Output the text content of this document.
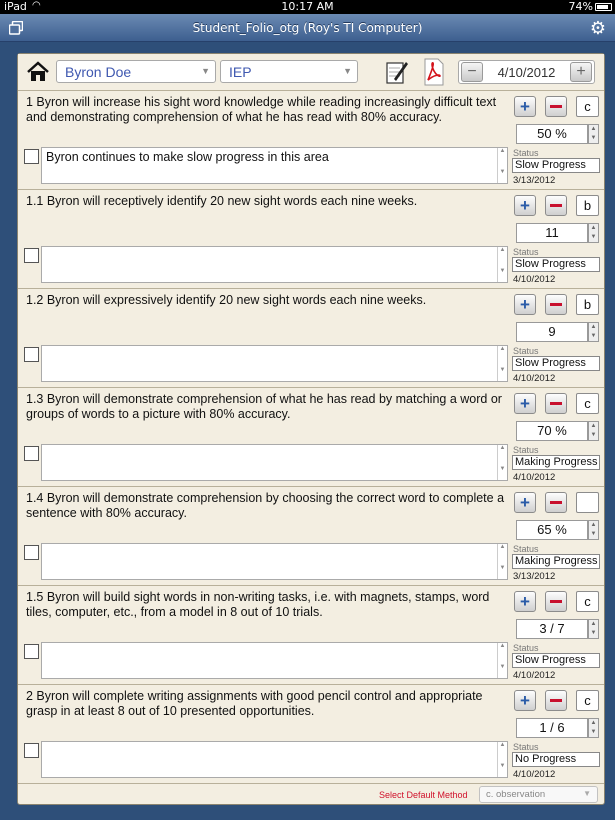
iPad ◠	10:17 AM	74%
Student_Folio_otg (Roy's TI Computer)	⚙
Byron Doe	▼	IEP	▼	−	4/10/2012	+
1 Byron will increase his sight word knowledge while reading increasingly difficult text and demonstrating comprehension of what he has read with 80% accuracy.
+	c
50 %	▲
▼
Byron continues to make slow progress in this area	▲

▼
Status
Slow Progress
3/13/2012
1.1 Byron will receptively identify 20 new sight words each nine weeks.	+	b
11	▲
▼
▲

▼
Status
Slow Progress
4/10/2012
1.2 Byron will expressively identify 20 new sight words each nine weeks.	+	b
9	▲
▼
▲

▼
Status
Slow Progress
4/10/2012
1.3 Byron will demonstrate comprehension of what he has read by matching a word or groups of words to a picture with 80% accuracy.
+	c
70 %	▲
▼
▲

▼
Status
Making Progress
4/10/2012
1.4 Byron will demonstrate comprehension by choosing the correct word to complete a sentence with 80% accuracy.
+
65 %	▲
▼
▲

▼
Status
Making Progress
3/13/2012
1.5 Byron will build sight words in non-writing tasks, i.e. with magnets, stamps, word tiles, computer, etc., from a model in 8 out of 10 trials.
+	c
3 / 7	▲
▼
▲

▼
Status
Slow Progress
4/10/2012
2 Byron will complete writing assignments with good pencil control and appropriate grasp in at least 8 out of 10 presented opportunities.
+	c
1 / 6	▲
▼
▲

▼
Status
No Progress
4/10/2012
Select Default Method	c. observation	▼
